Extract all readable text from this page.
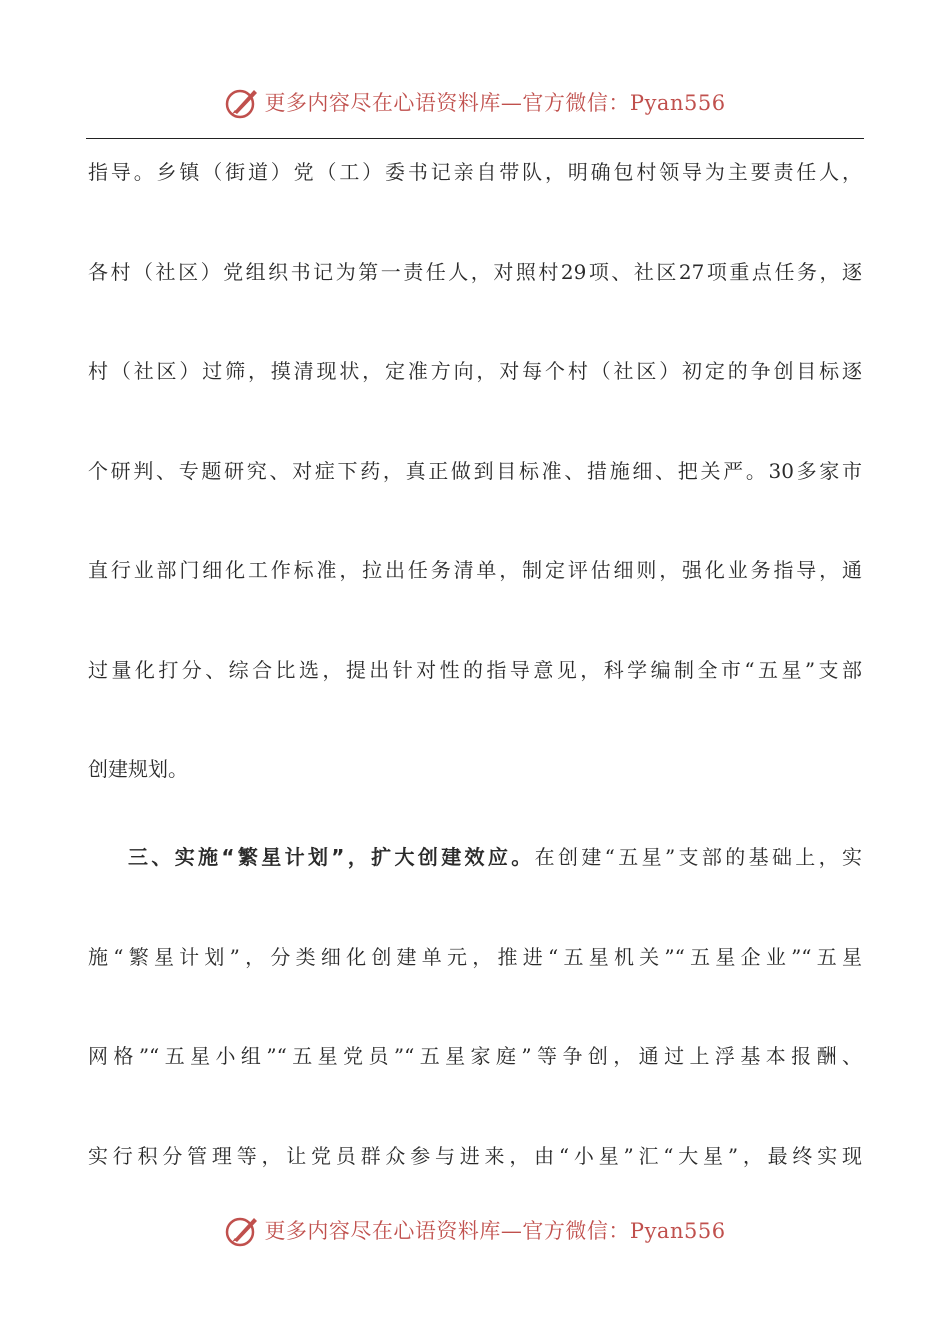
更多内容尽在心语资料库—官方微信：Pyan556
指导。乡镇（街道）党（工）委书记亲自带队，明确包村领导为主要责任人，
各村（社区）党组织书记为第一责任人，对照村29项、社区27项重点任务，逐
村（社区）过筛，摸清现状，定准方向，对每个村（社区）初定的争创目标逐
个研判、专题研究、对症下药，真正做到目标准、措施细、把关严。30多家市
直行业部门细化工作标准，拉出任务清单，制定评估细则，强化业务指导，通
过量化打分、综合比选，提出针对性的指导意见，科学编制全市“五星”支部
创建规划。
三、实施“繁星计划”，扩大创建效应。在创建“五星”支部的基础上，实
施“繁星计划”，分类细化创建单元，推进“五星机关”“五星企业”“五星
网格”“五星小组”“五星党员”“五星家庭”等争创，通过上浮基本报酬、
实行积分管理等，让党员群众参与进来，由“小星”汇“大星”，最终实现
更多内容尽在心语资料库—官方微信：Pyan556
